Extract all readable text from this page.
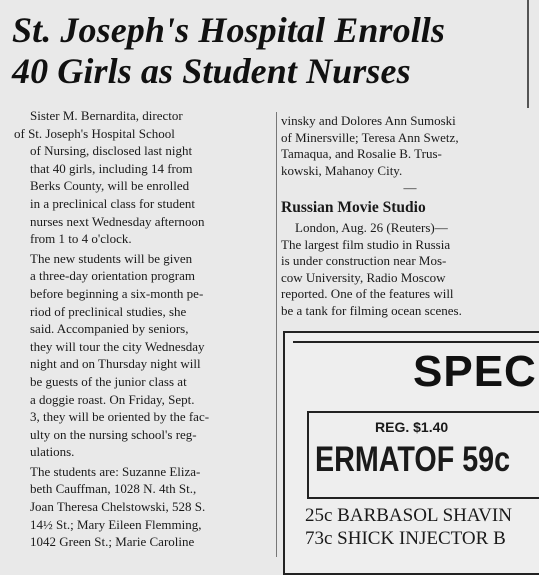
St. Joseph's Hospital Enrolls
40 Girls as Student Nurses

Sister M. Bernardita, director
of St. Joseph's Hospital School
of Nursing, disclosed last night
that 40 girls, including 14 from
Berks County, will be enrolled
in a preclinical class for student
nurses next Wednesday afternoon
from 1 to 4 o'clock.

The new students will be given
a three-day orientation program
before beginning a six-month pe-
riod of preclinical studies, she
said. Accompanied by seniors,
they will tour the city Wednesday
night and on Thursday night will
be guests of the junior class at
a doggie roast. On Friday, Sept.
3, they will be oriented by the fac-
ulty on the nursing school's reg-
ulations.

The students are: Suzanne Eliza-
beth Cauffman, 1028 N. 4th St.,
Joan Theresa Chelstowski, 528 S.
14½ St.; Mary Eileen Flemming,
1042 Green St.; Marie Caroline

vinsky and Dolores Ann Sumoski
of Minersville; Teresa Ann Swetz,
Tamaqua, and Rosalie B. Trus-
kowski, Mahanoy City.
—
Russian Movie Studio
London, Aug. 26 (Reuters)—
The largest film studio in Russia
is under construction near Mos-
cow University, Radio Moscow
reported. One of the features will
be a tank for filming ocean scenes.
SPEC
REG. $1.40
ERMATOF 59c
25c BARBASOL SHAVIN
73c SHICK INJECTOR B
